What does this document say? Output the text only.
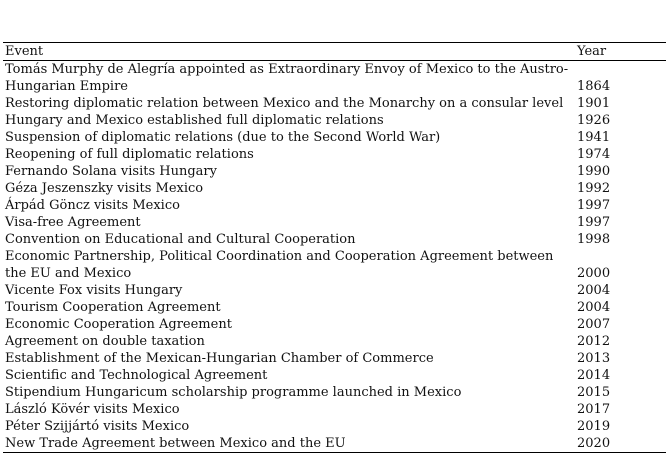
Event	Year
Tomás Murphy de Alegría appointed as Extraordinary Envoy of Mexico to the Austro-Hungarian Empire	1864
Restoring diplomatic relation between Mexico and the Monarchy on a consular level	1901
Hungary and Mexico established full diplomatic relations	1926
Suspension of diplomatic relations (due to the Second World War)	1941
Reopening of full diplomatic relations	1974
Fernando Solana visits Hungary	1990
Géza Jeszenszky visits Mexico	1992
Árpád Göncz visits Mexico	1997
Visa-free Agreement	1997
Convention on Educational and Cultural Cooperation	1998
Economic Partnership, Political Coordination and Cooperation Agreement between the EU and Mexico	2000
Vicente Fox visits Hungary	2004
Tourism Cooperation Agreement	2004
Economic Cooperation Agreement	2007
Agreement on double taxation	2012
Establishment of the Mexican-Hungarian Chamber of Commerce	2013
Scientific and Technological Agreement	2014
Stipendium Hungaricum scholarship programme launched in Mexico	2015
László Kövér visits Mexico	2017
Péter Szijjártó visits Mexico	2019
New Trade Agreement between Mexico and the EU	2020
